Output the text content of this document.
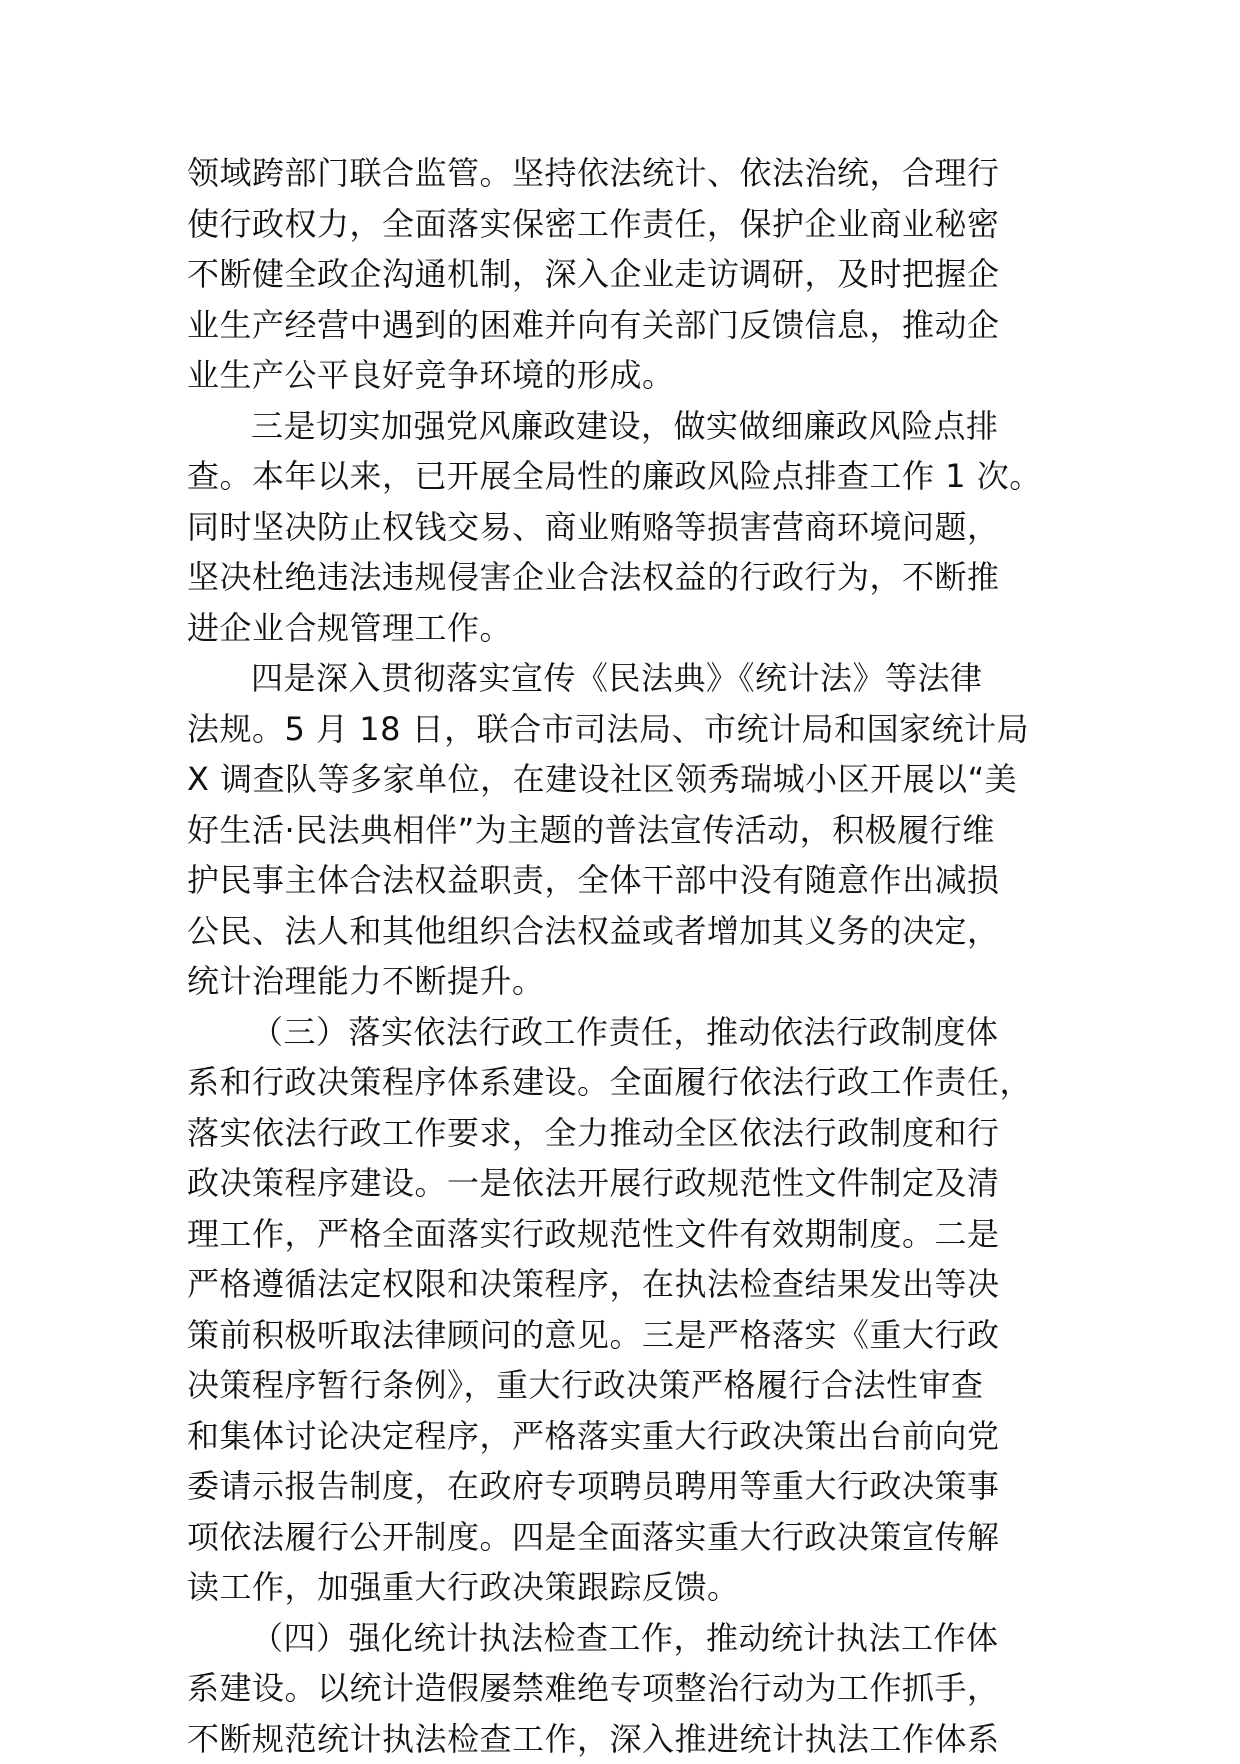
领域跨部门联合监管。坚持依法统计、依法治统，合理行
使行政权力，全面落实保密工作责任，保护企业商业秘密
不断健全政企沟通机制，深入企业走访调研，及时把握企
业生产经营中遇到的困难并向有关部门反馈信息，推动企
业生产公平良好竞争环境的形成。
三是切实加强党风廉政建设，做实做细廉政风险点排
查。本年以来，已开展全局性的廉政风险点排查工作 1 次。
同时坚决防止权钱交易、商业贿赂等损害营商环境问题，
坚决杜绝违法违规侵害企业合法权益的行政行为，不断推
进企业合规管理工作。
四是深入贯彻落实宣传《民法典》《统计法》等法律
法规。5 月 18 日，联合市司法局、市统计局和国家统计局
X 调查队等多家单位，在建设社区领秀瑞城小区开展以“美
好生活·民法典相伴”为主题的普法宣传活动，积极履行维
护民事主体合法权益职责，全体干部中没有随意作出减损
公民、法人和其他组织合法权益或者增加其义务的决定，
统计治理能力不断提升。
（三）落实依法行政工作责任，推动依法行政制度体
系和行政决策程序体系建设。全面履行依法行政工作责任，
落实依法行政工作要求，全力推动全区依法行政制度和行
政决策程序建设。一是依法开展行政规范性文件制定及清
理工作，严格全面落实行政规范性文件有效期制度。二是
严格遵循法定权限和决策程序，在执法检查结果发出等决
策前积极听取法律顾问的意见。三是严格落实《重大行政
决策程序暂行条例》，重大行政决策严格履行合法性审查
和集体讨论决定程序，严格落实重大行政决策出台前向党
委请示报告制度，在政府专项聘员聘用等重大行政决策事
项依法履行公开制度。四是全面落实重大行政决策宣传解
读工作，加强重大行政决策跟踪反馈。
（四）强化统计执法检查工作，推动统计执法工作体
系建设。以统计造假屡禁难绝专项整治行动为工作抓手，
不断规范统计执法检查工作，深入推进统计执法工作体系
